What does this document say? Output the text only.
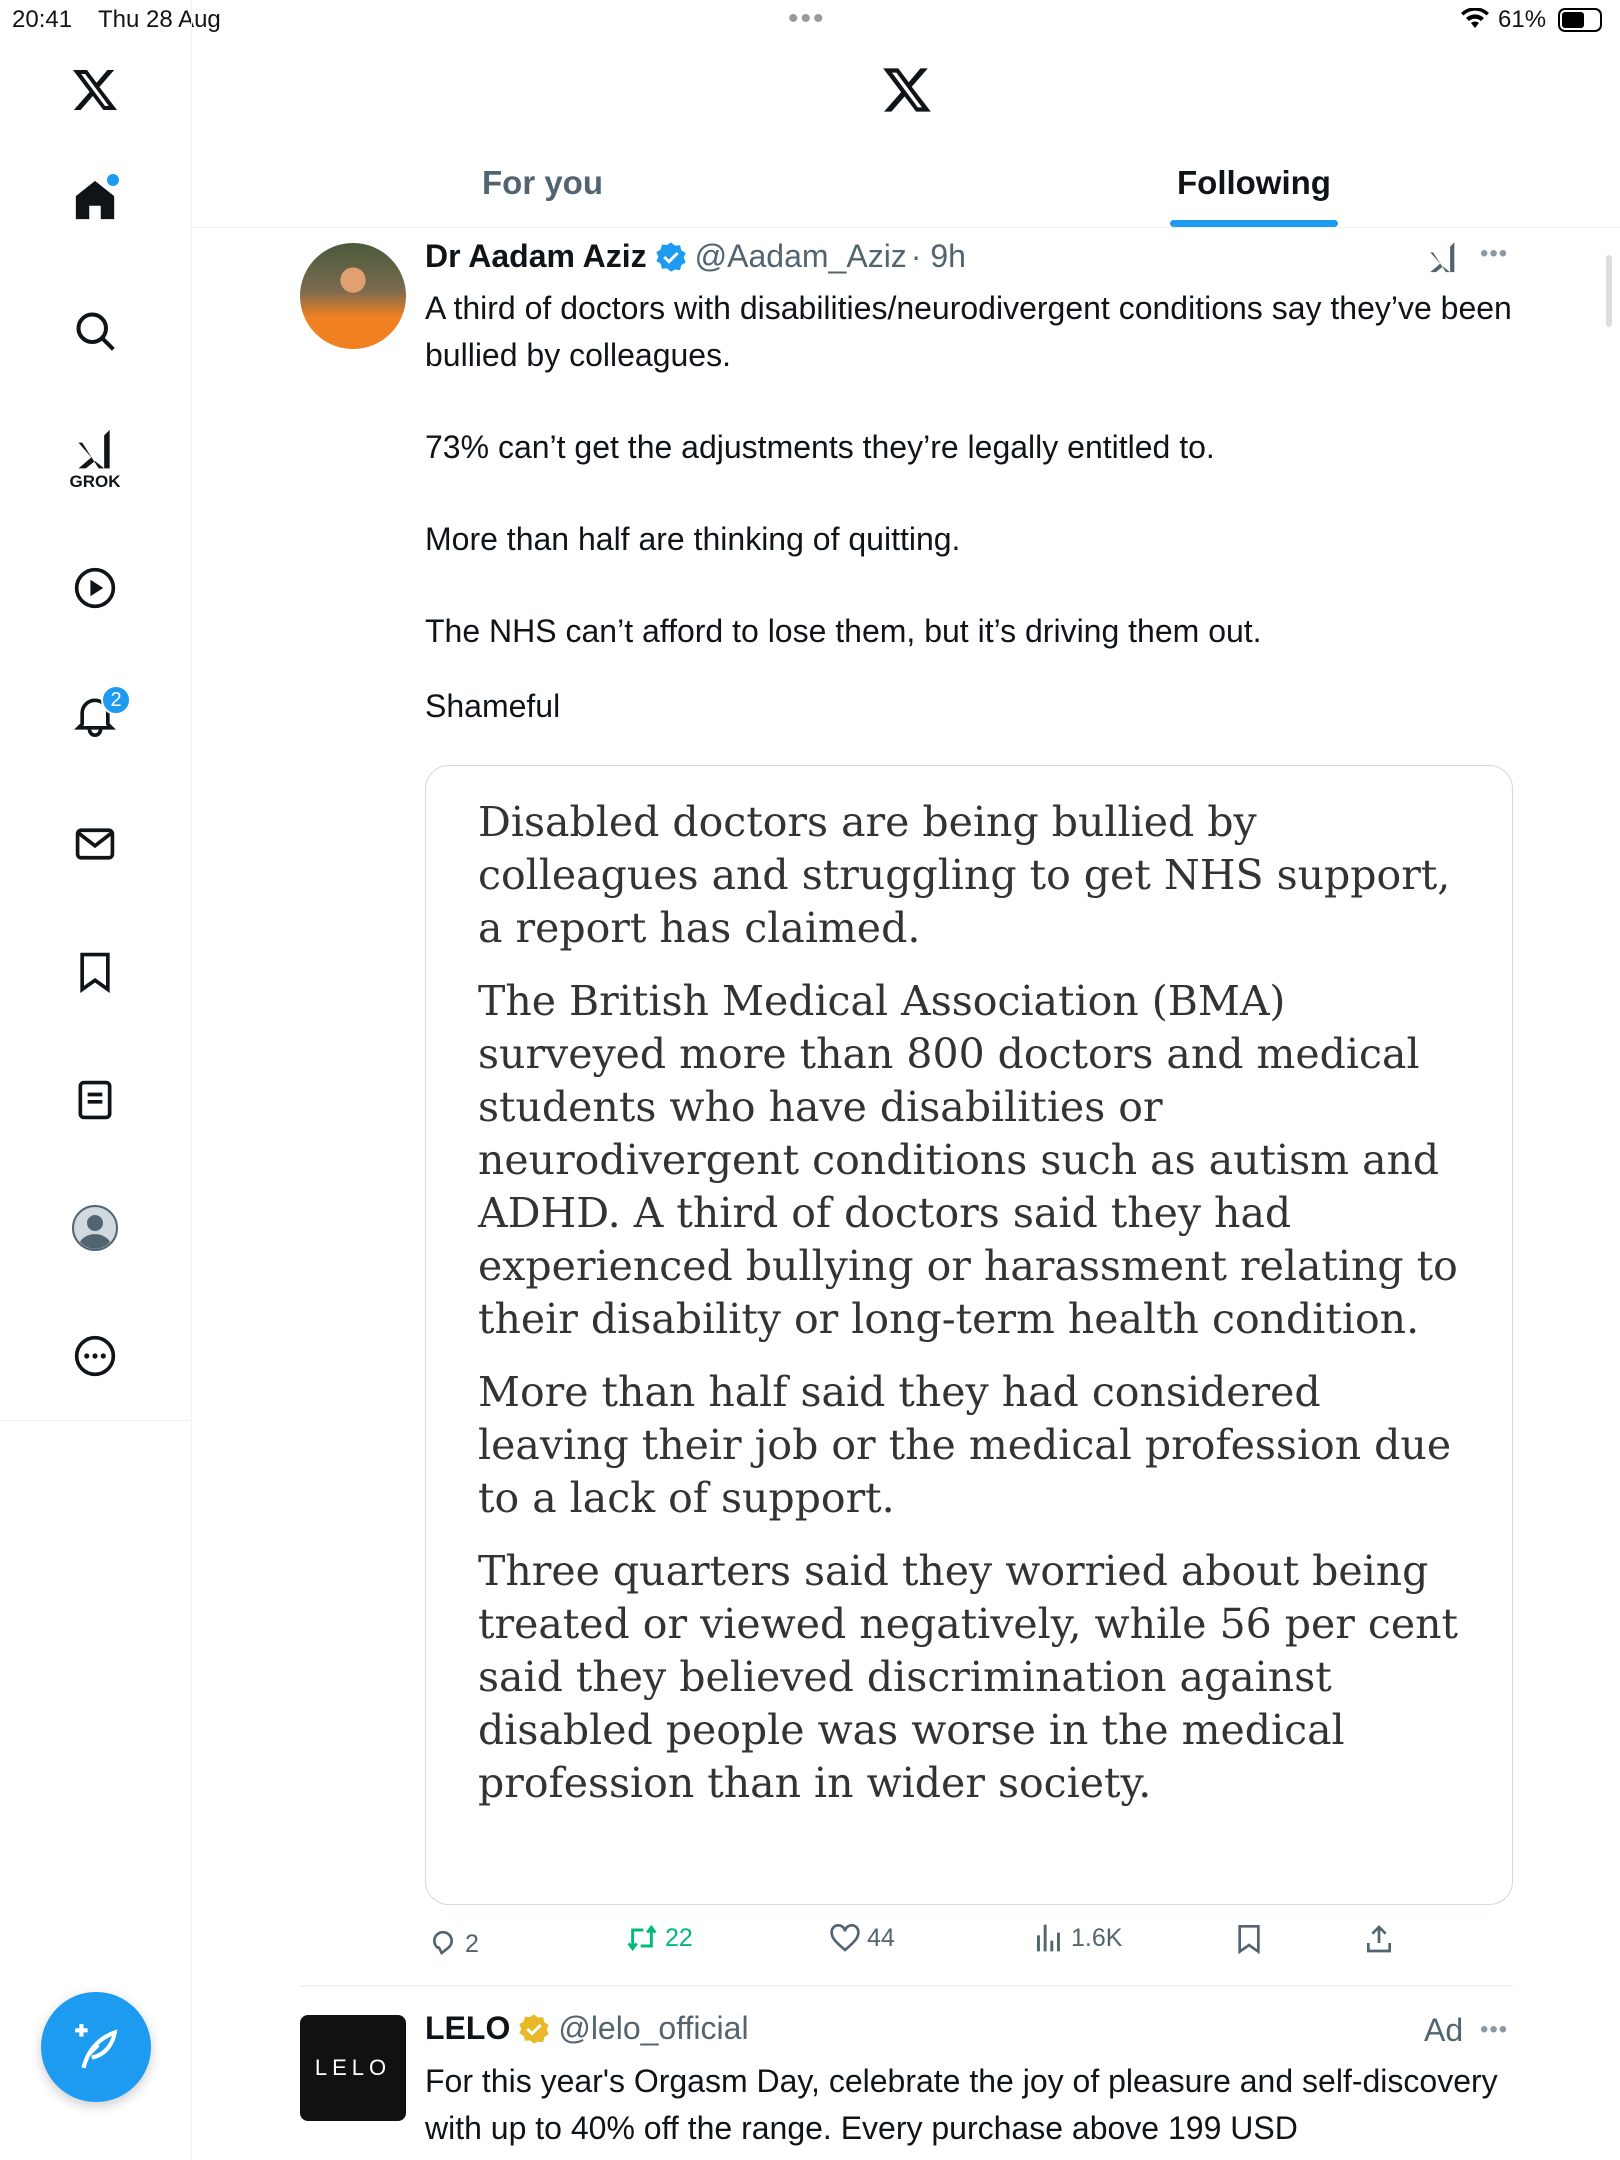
20:41 Thu 28 Aug	•••	61%
GROK
2
For you	Following
Dr Aadam Aziz @Aadam_Aziz · 9h	•••

A third of doctors with disabilities/neurodivergent conditions say they’ve been bullied by colleagues.

73% can’t get the adjustments they’re legally entitled to.

More than half are thinking of quitting.

The NHS can’t afford to lose them, but it’s driving them out.

Shameful

Disabled doctors are being bullied by colleagues and struggling to get NHS support, a report has claimed.

The British Medical Association (BMA) surveyed more than 800 doctors and medical students who have disabilities or neurodivergent conditions such as autism and ADHD. A third of doctors said they had experienced bullying or harassment relating to their disability or long-term health condition.

More than half said they had considered leaving their job or the medical profession due to a lack of support.

Three quarters said they worried about being treated or viewed negatively, while 56 per cent said they believed discrimination against disabled people was worse in the medical profession than in wider society.

2	22	44	1.6K
LELO
LELO @lelo_official	Ad •••

For this year's Orgasm Day, celebrate the joy of pleasure and self-discovery with up to 40% off the range. Every purchase above 199 USD
